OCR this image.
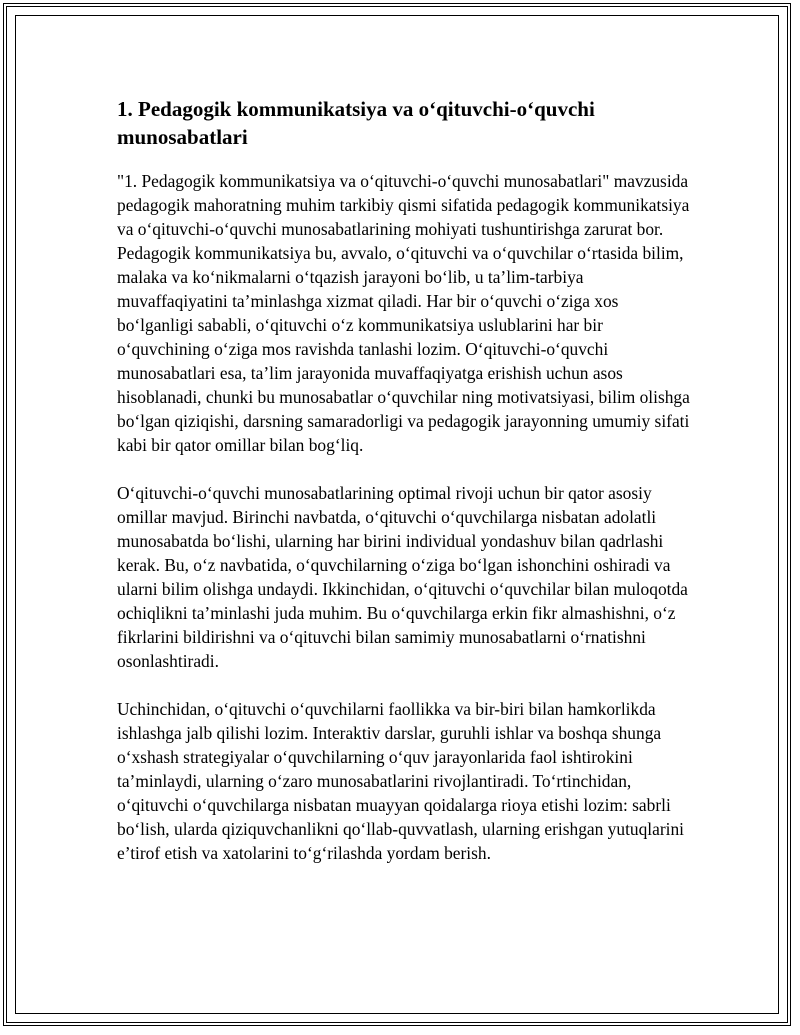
1. Pedagogik kommunikatsiya va o‘qituvchi-o‘quvchi munosabatlari

"1. Pedagogik kommunikatsiya va o‘qituvchi-o‘quvchi munosabatlari" mavzusida pedagogik mahoratning muhim tarkibiy qismi sifatida pedagogik kommunikatsiya va o‘qituvchi-o‘quvchi munosabatlarining mohiyati tushuntirishga zarurat bor. Pedagogik kommunikatsiya bu, avvalo, o‘qituvchi va o‘quvchilar o‘rtasida bilim, malaka va ko‘nikmalarni o‘tqazish jarayoni bo‘lib, u ta’lim-tarbiya muvaffaqiyatini ta’minlashga xizmat qiladi. Har bir o‘quvchi o‘ziga xos bo‘lganligi sababli, o‘qituvchi o‘z kommunikatsiya uslublarini har bir o‘quvchining o‘ziga mos ravishda tanlashi lozim. O‘qituvchi-o‘quvchi munosabatlari esa, ta’lim jarayonida muvaffaqiyatga erishish uchun asos hisoblanadi, chunki bu munosabatlar o‘quvchilar ning motivatsiyasi, bilim olishga bo‘lgan qiziqishi, darsning samaradorligi va pedagogik jarayonning umumiy sifati kabi bir qator omillar bilan bog‘liq.

O‘qituvchi-o‘quvchi munosabatlarining optimal rivoji uchun bir qator asosiy omillar mavjud. Birinchi navbatda, o‘qituvchi o‘quvchilarga nisbatan adolatli munosabatda bo‘lishi, ularning har birini individual yondashuv bilan qadrlashi kerak. Bu, o‘z navbatida, o‘quvchilarning o‘ziga bo‘lgan ishonchini oshiradi va ularni bilim olishga undaydi. Ikkinchidan, o‘qituvchi o‘quvchilar bilan muloqotda ochiqlikni ta’minlashi juda muhim. Bu o‘quvchilarga erkin fikr almashishni, o‘z fikrlarini bildirishni va o‘qituvchi bilan samimiy munosabatlarni o‘rnatishni osonlashtiradi.

Uchinchidan, o‘qituvchi o‘quvchilarni faollikka va bir-biri bilan hamkorlikda ishlashga jalb qilishi lozim. Interaktiv darslar, guruhli ishlar va boshqa shunga o‘xshash strategiyalar o‘quvchilarning o‘quv jarayonlarida faol ishtirokini ta’minlaydi, ularning o‘zaro munosabatlarini rivojlantiradi. To‘rtinchidan, o‘qituvchi o‘quvchilarga nisbatan muayyan qoidalarga rioya etishi lozim: sabrli bo‘lish, ularda qiziquvchanlikni qo‘llab-quvvatlash, ularning erishgan yutuqlarini e’tirof etish va xatolarini to‘g‘rilashda yordam berish.
